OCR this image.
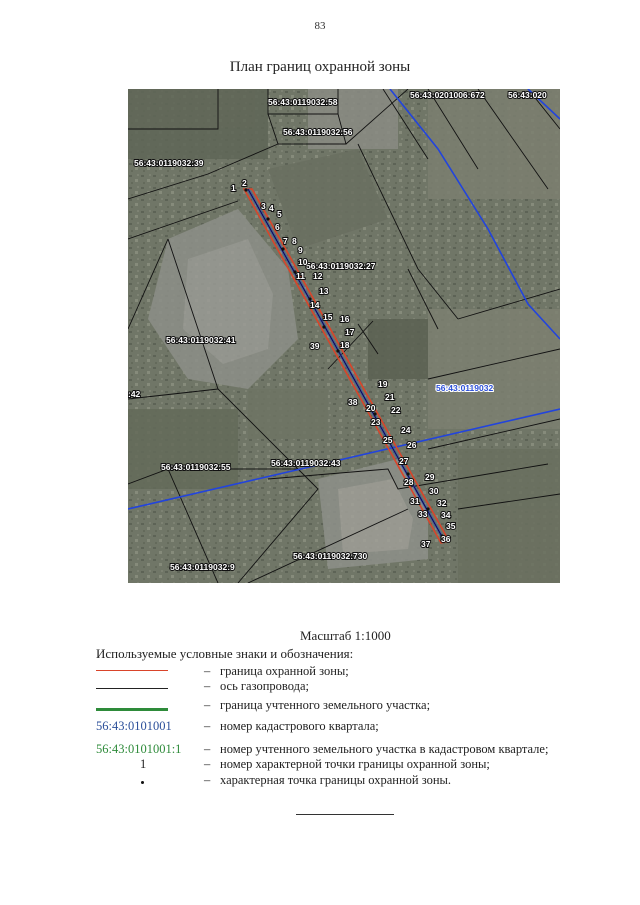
83
План границ охранной зоны
56:43:0119032:58
56:43:0119032:56
56:43:0119032:39
56:43:0119032:27
56:43:0119032:41
:42
56:43:0119032:55	56:43:0119032:43
56:43:0119032:730
56:43:0119032:9
56:43:0201006:672	56:43:020
56:43:0119032
1 2
3 4
5
6
7 8
9
10
11 12
13
14
15 16
17
18
19
20
21
22
23
24
25 26
27
28 29
30
31 32
33 34
35
36
37
38
39
Масштаб 1:1000
Используемые условные знаки и обозначения:
– граница охранной зоны;
– ось газопровода;
– граница учтенного земельного участка;
56:43:0101001	– номер кадастрового квартала;
56:43:0101001:1 – номер учтенного земельного участка в кадастровом квартале;
1	– номер характерной точки границы охранной зоны;
– характерная точка границы охранной зоны.
